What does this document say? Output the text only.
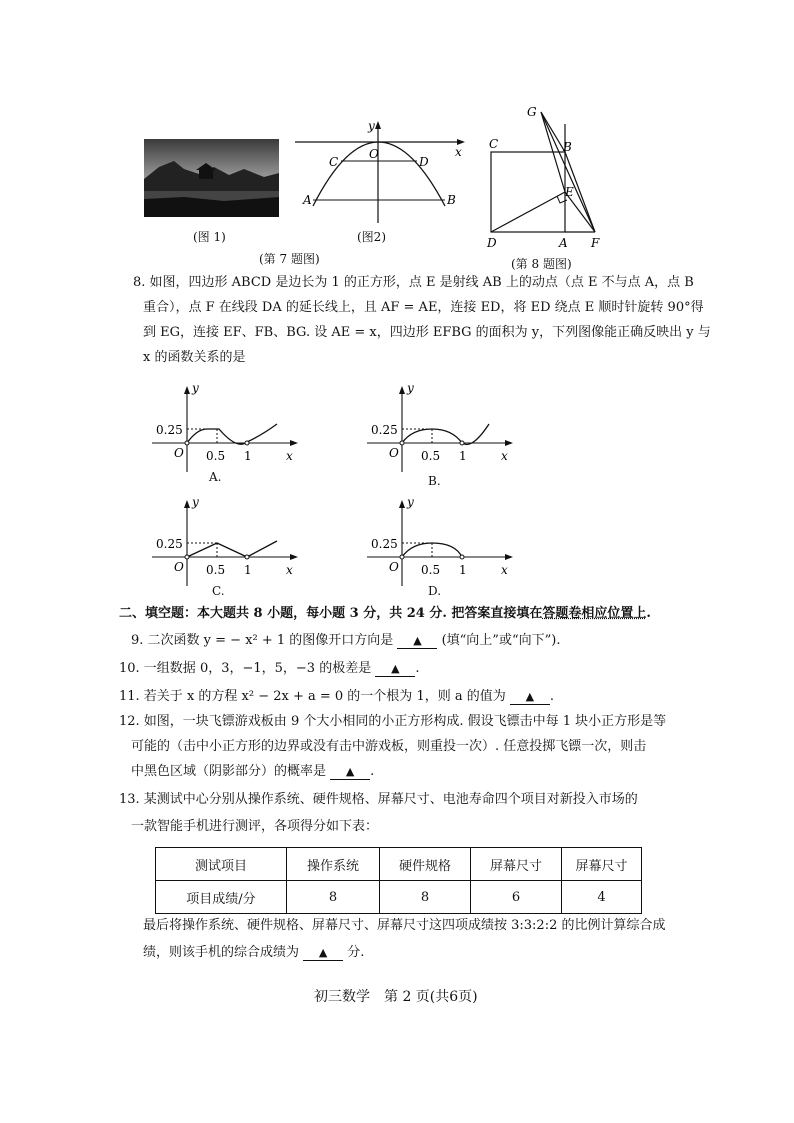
(图 1)
y
x
O
C	D
A	B
(图2)
(第 7 题图)
G
C	B
E
D	A F
(第 8 题图)
8. 如图，四边形 ABCD 是边长为 1 的正方形，点 E 是射线 AB 上的动点（点 E 不与点 A，点 B
重合），点 F 在线段 DA 的延长线上，且 AF = AE，连接 ED，将 ED 绕点 E 顺时针旋转 90°得
到 EG，连接 EF、FB、BG. 设 AE = x，四边形 EFBG 的面积为 y，下列图像能正确反映出 y 与
x 的函数关系的是
y
x
O
0.25
0.5 1
A.
y
x
O
0.25
0.5 1
B.
y
x
O
0.25
0.5 1
C.
y
x
O
0.25
0.5 1
D.
二、填空题：本大题共 8 小题，每小题 3 分，共 24 分. 把答案直接填在答题卷相应位置上.
9. 二次函数 y = − x² + 1 的图像开口方向是 ▲ (填“向上”或“向下”).
10. 一组数据 0，3，−1，5，−3 的极差是 ▲ .
11. 若关于 x 的方程 x² − 2x + a = 0 的一个根为 1，则 a 的值为 ▲ .
12. 如图，一块飞镖游戏板由 9 个大小相同的小正方形构成. 假设飞镖击中每 1 块小正方形是等
可能的（击中小正方形的边界或没有击中游戏板，则重投一次）. 任意投掷飞镖一次，则击
中黑色区域（阴影部分）的概率是 ▲ .
13. 某测试中心分别从操作系统、硬件规格、屏幕尺寸、电池寿命四个项目对新投入市场的
一款智能手机进行测评，各项得分如下表：
测试项目	操作系统	硬件规格	屏幕尺寸	屏幕尺寸
项目成绩/分	8	8	6	4
最后将操作系统、硬件规格、屏幕尺寸、屏幕尺寸这四项成绩按 3:3:2:2 的比例计算综合成
绩，则该手机的综合成绩为 ▲ 分.
初三数学　第 2 页(共6页)
